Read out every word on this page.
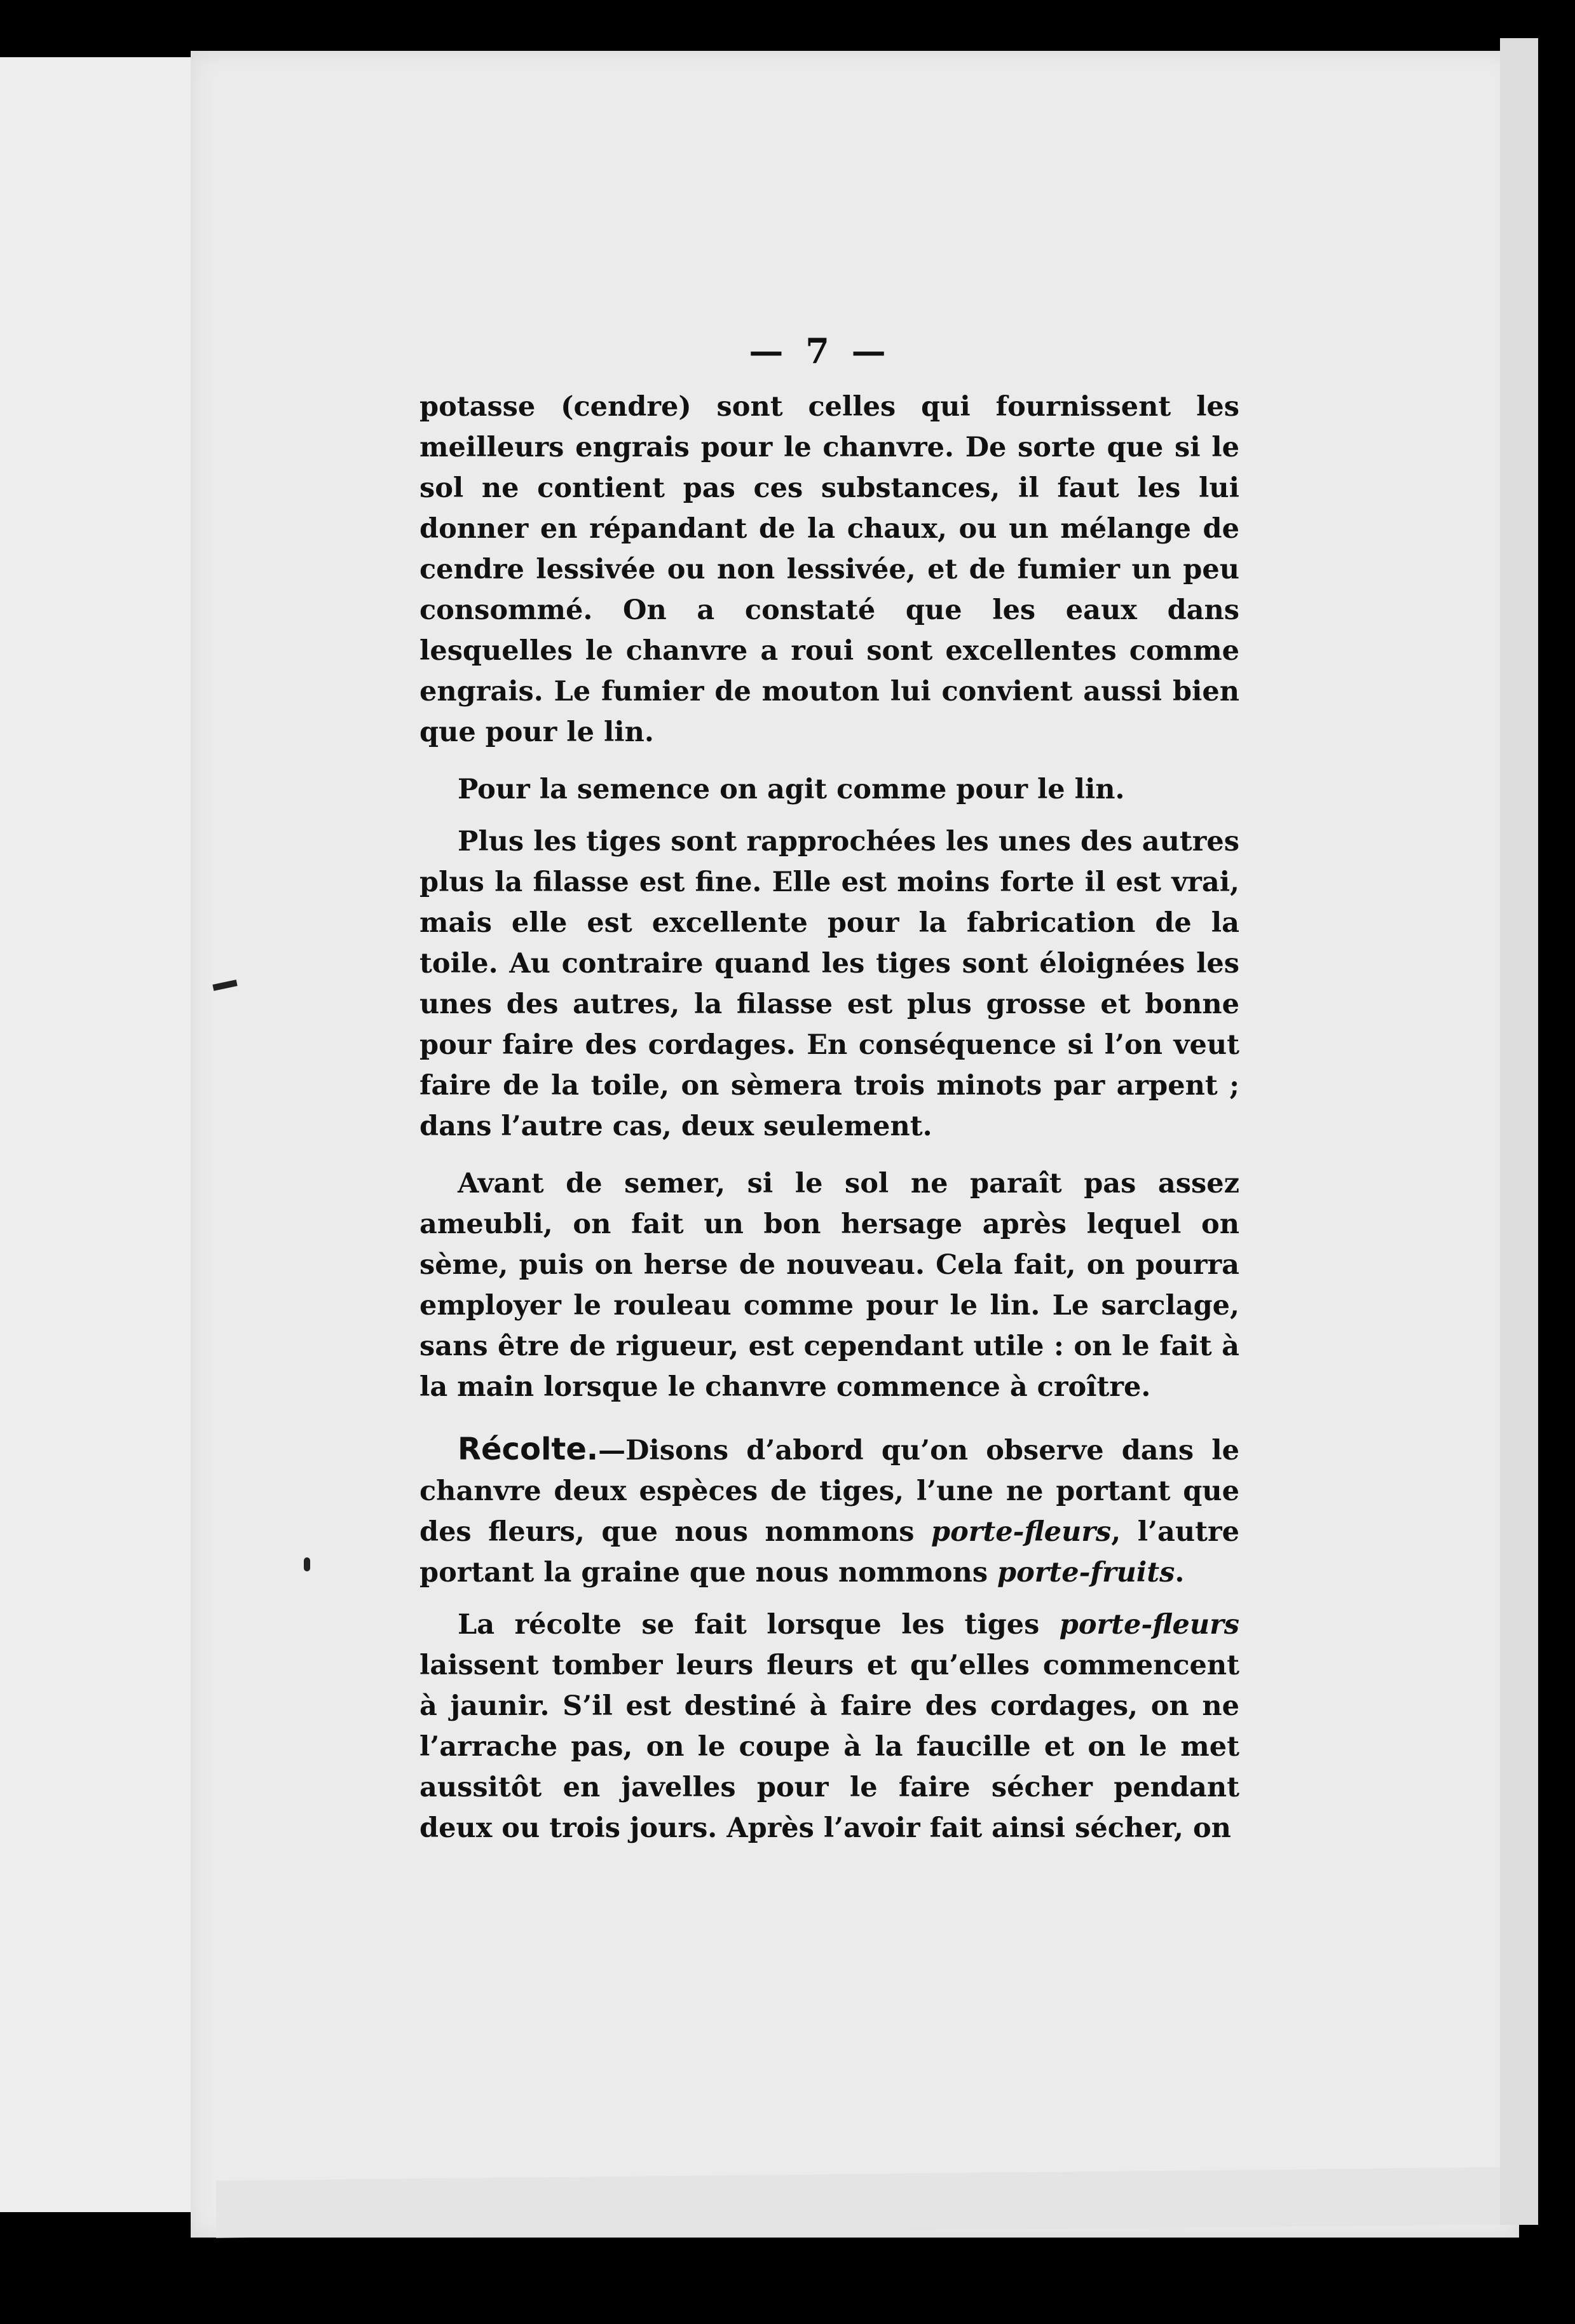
— 7 —

potasse (cendre) sont celles qui fournissent les meilleurs engrais pour le chanvre. De sorte que si le sol ne contient pas ces substances, il faut les lui donner en répandant de la chaux, ou un mélange de cendre lessivée ou non lessivée, et de fumier un peu consommé. On a constaté que les eaux dans lesquelles le chanvre a roui sont excellentes comme engrais. Le fumier de mouton lui convient aussi bien que pour le lin.

Pour la semence on agit comme pour le lin.

Plus les tiges sont rapprochées les unes des autres plus la filasse est fine. Elle est moins forte il est vrai, mais elle est excellente pour la fabrication de la toile. Au contraire quand les tiges sont éloignées les unes des autres, la filasse est plus grosse et bonne pour faire des cordages. En conséquence si l’on veut faire de la toile, on sèmera trois minots par arpent ; dans l’autre cas, deux seulement.

Avant de semer, si le sol ne paraît pas assez ameubli, on fait un bon hersage après lequel on sème, puis on herse de nouveau. Cela fait, on pourra employer le rouleau comme pour le lin. Le sarclage, sans être de rigueur, est cependant utile : on le fait à la main lorsque le chanvre commence à croître.

Récolte.—Disons d’abord qu’on observe dans le chanvre deux espèces de tiges, l’une ne portant que des fleurs, que nous nommons porte-fleurs, l’autre portant la graine que nous nommons porte-fruits.

La récolte se fait lorsque les tiges porte-fleurs laissent tomber leurs fleurs et qu’elles commencent à jaunir. S’il est destiné à faire des cordages, on ne l’arrache pas, on le coupe à la faucille et on le met aussitôt en javelles pour le faire sécher pendant deux ou trois jours. Après l’avoir fait ainsi sécher, on
